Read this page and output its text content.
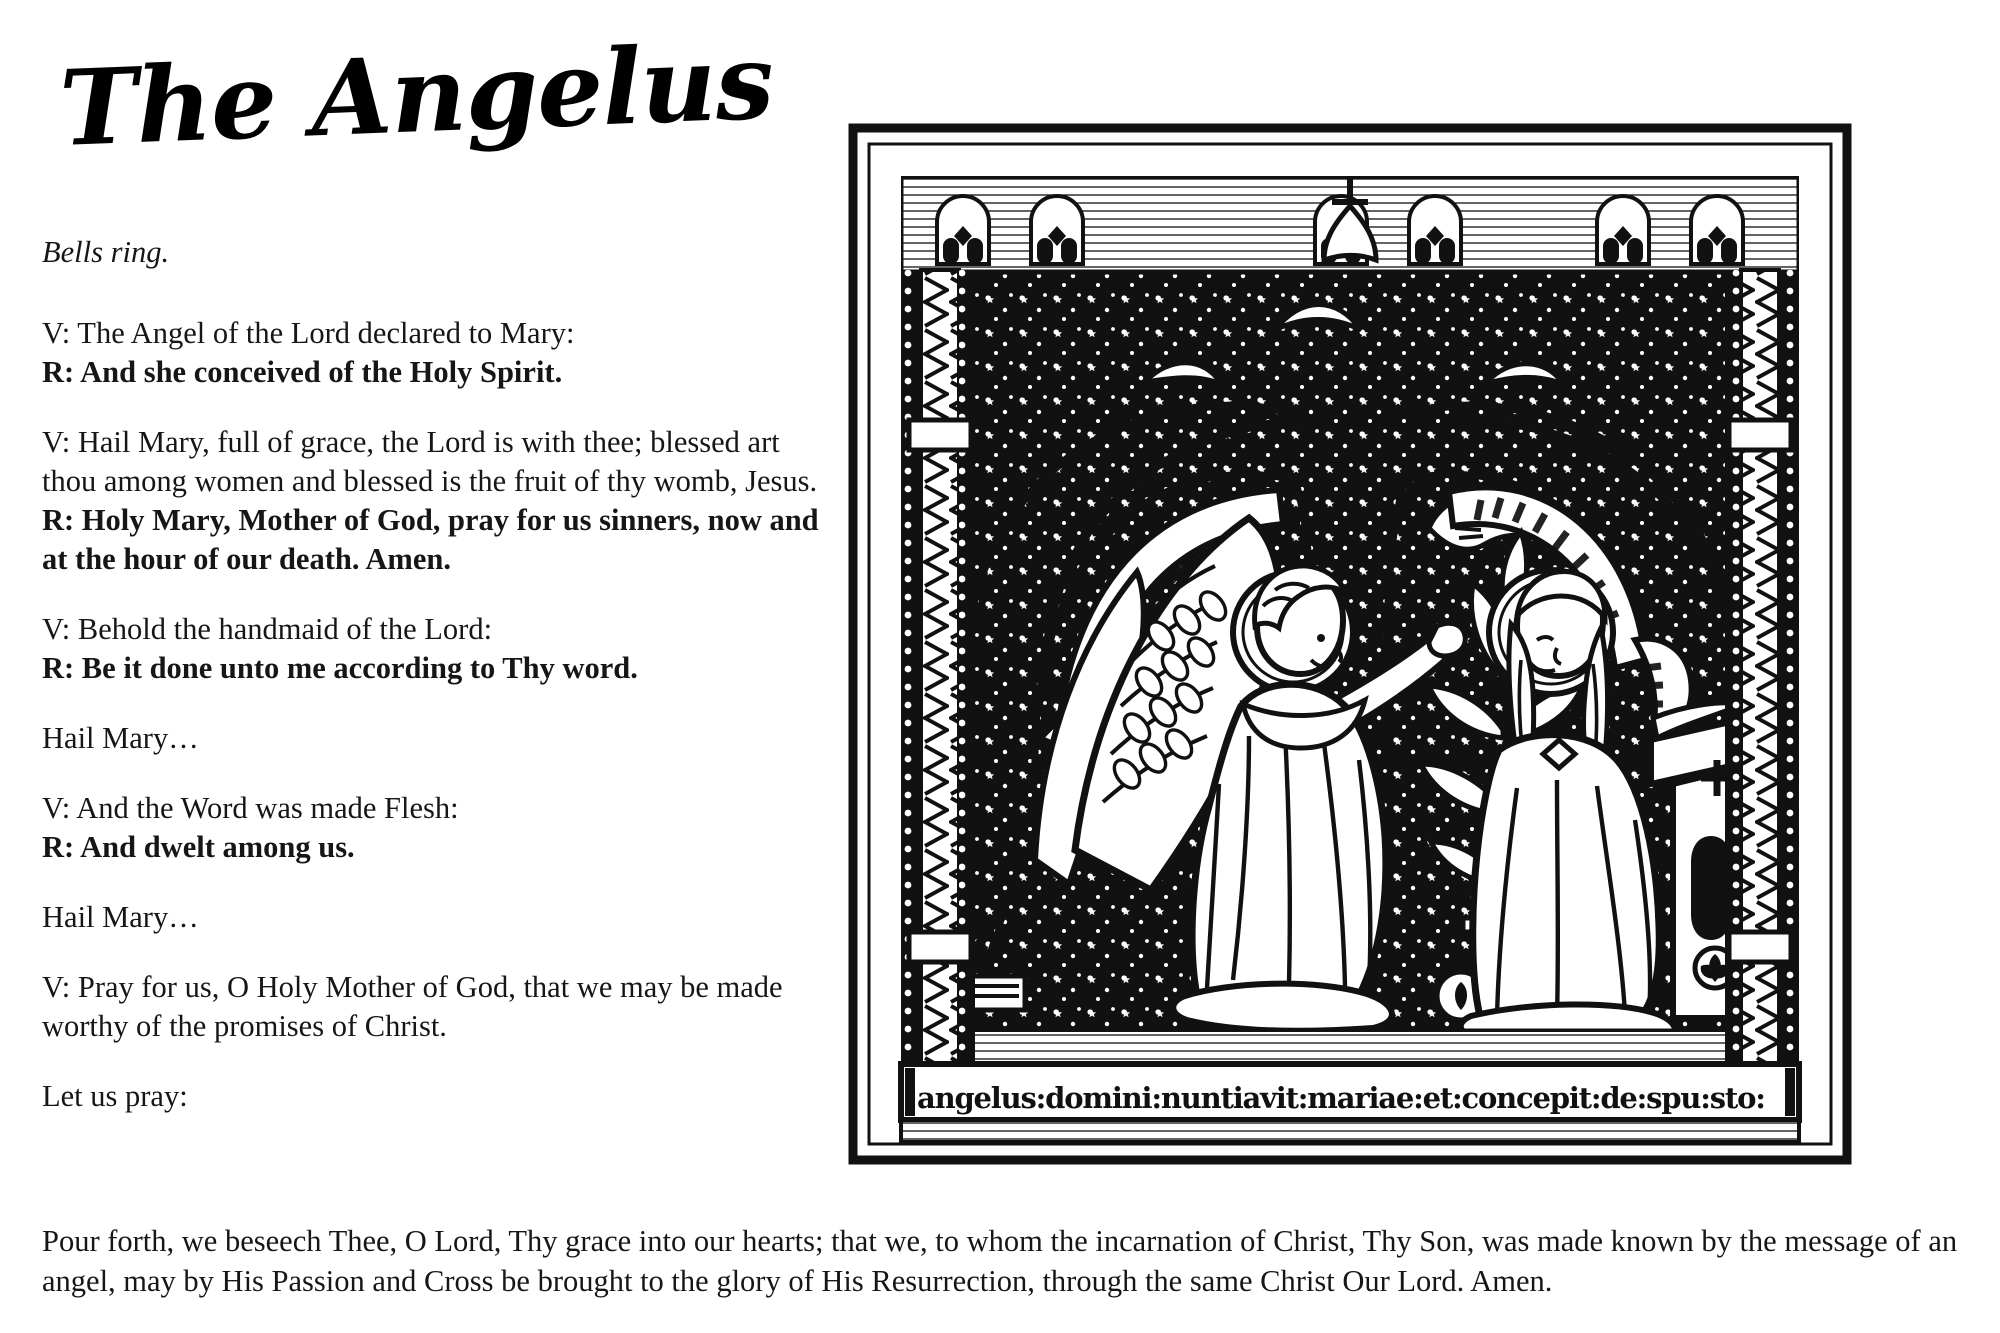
The Angelus
Bells ring.

V: The Angel of the Lord declared to Mary:
R: And she conceived of the Holy Spirit.

V: Hail Mary, full of grace, the Lord is with thee; blessed art thou among women and blessed is the fruit of thy womb, Jesus.
R: Holy Mary, Mother of God, pray for us sinners, now and at the hour of our death. Amen.

V: Behold the handmaid of the Lord:
R: Be it done unto me according to Thy word.

Hail Mary…

V: And the Word was made Flesh:
R: And dwelt among us.

Hail Mary…

V: Pray for us, O Holy Mother of God, that we may be made worthy of the promises of Christ.

Let us pray:

Pour forth, we beseech Thee, O Lord, Thy grace into our hearts; that we, to whom the incarnation of Christ, Thy Son, was made known by the message of an angel, may by His Passion and Cross be brought to the glory of His Resurrection, through the same Christ Our Lord. Amen.
angelus:domini:nuntiavit:mariae:et:concepit:de:spu:sto:
